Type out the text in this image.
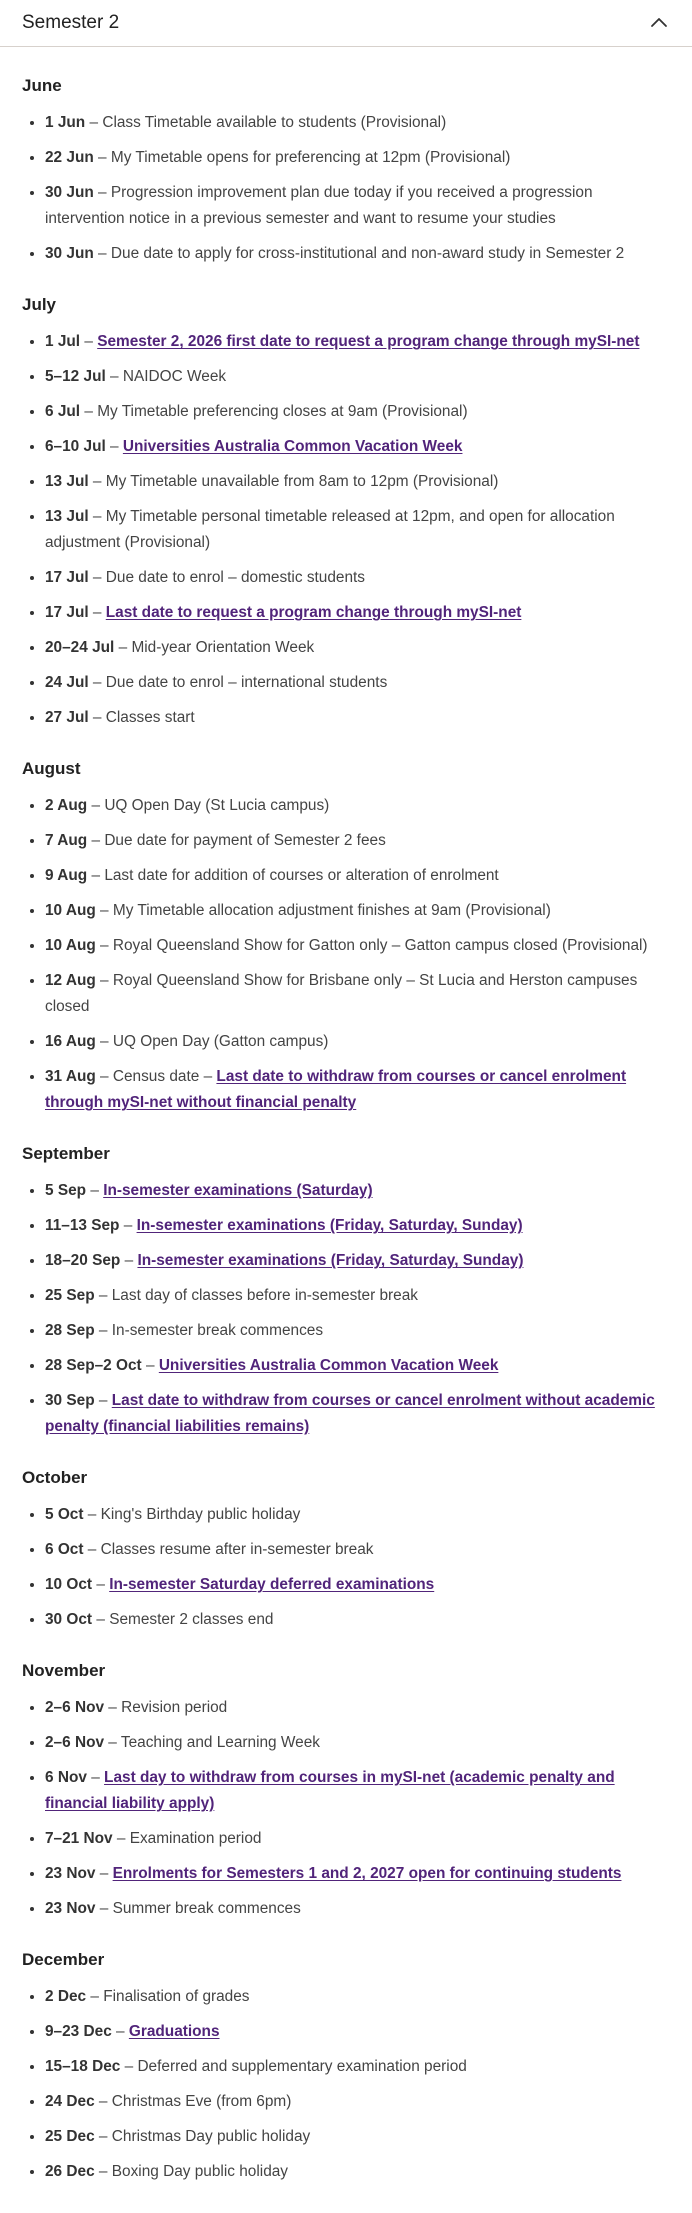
Semester 2
June
• 1 Jun – Class Timetable available to students (Provisional)
• 22 Jun – My Timetable opens for preferencing at 12pm (Provisional)
• 30 Jun – Progression improvement plan due today if you received a progression intervention notice in a previous semester and want to resume your studies
• 30 Jun – Due date to apply for cross-institutional and non-award study in Semester 2
July
• 1 Jul – Semester 2, 2026 first date to request a program change through mySI-net
• 5–12 Jul – NAIDOC Week
• 6 Jul – My Timetable preferencing closes at 9am (Provisional)
• 6–10 Jul – Universities Australia Common Vacation Week
• 13 Jul – My Timetable unavailable from 8am to 12pm (Provisional)
• 13 Jul – My Timetable personal timetable released at 12pm, and open for allocation adjustment (Provisional)
• 17 Jul – Due date to enrol – domestic students
• 17 Jul – Last date to request a program change through mySI-net
• 20–24 Jul – Mid-year Orientation Week
• 24 Jul – Due date to enrol – international students
• 27 Jul – Classes start
August
• 2 Aug – UQ Open Day (St Lucia campus)
• 7 Aug – Due date for payment of Semester 2 fees
• 9 Aug – Last date for addition of courses or alteration of enrolment
• 10 Aug – My Timetable allocation adjustment finishes at 9am (Provisional)
• 10 Aug – Royal Queensland Show for Gatton only – Gatton campus closed (Provisional)
• 12 Aug – Royal Queensland Show for Brisbane only – St Lucia and Herston campuses closed
• 16 Aug – UQ Open Day (Gatton campus)
• 31 Aug – Census date – Last date to withdraw from courses or cancel enrolment through mySI-net without financial penalty
September
• 5 Sep – In-semester examinations (Saturday)
• 11–13 Sep – In-semester examinations (Friday, Saturday, Sunday)
• 18–20 Sep – In-semester examinations (Friday, Saturday, Sunday)
• 25 Sep – Last day of classes before in-semester break
• 28 Sep – In-semester break commences
• 28 Sep–2 Oct – Universities Australia Common Vacation Week
• 30 Sep – Last date to withdraw from courses or cancel enrolment without academic penalty (financial liabilities remains)
October
• 5 Oct – King's Birthday public holiday
• 6 Oct – Classes resume after in-semester break
• 10 Oct – In-semester Saturday deferred examinations
• 30 Oct – Semester 2 classes end
November
• 2–6 Nov – Revision period
• 2–6 Nov – Teaching and Learning Week
• 6 Nov – Last day to withdraw from courses in mySI-net (academic penalty and financial liability apply)
• 7–21 Nov – Examination period
• 23 Nov – Enrolments for Semesters 1 and 2, 2027 open for continuing students
• 23 Nov – Summer break commences
December
• 2 Dec – Finalisation of grades
• 9–23 Dec – Graduations
• 15–18 Dec – Deferred and supplementary examination period
• 24 Dec – Christmas Eve (from 6pm)
• 25 Dec – Christmas Day public holiday
• 26 Dec – Boxing Day public holiday
